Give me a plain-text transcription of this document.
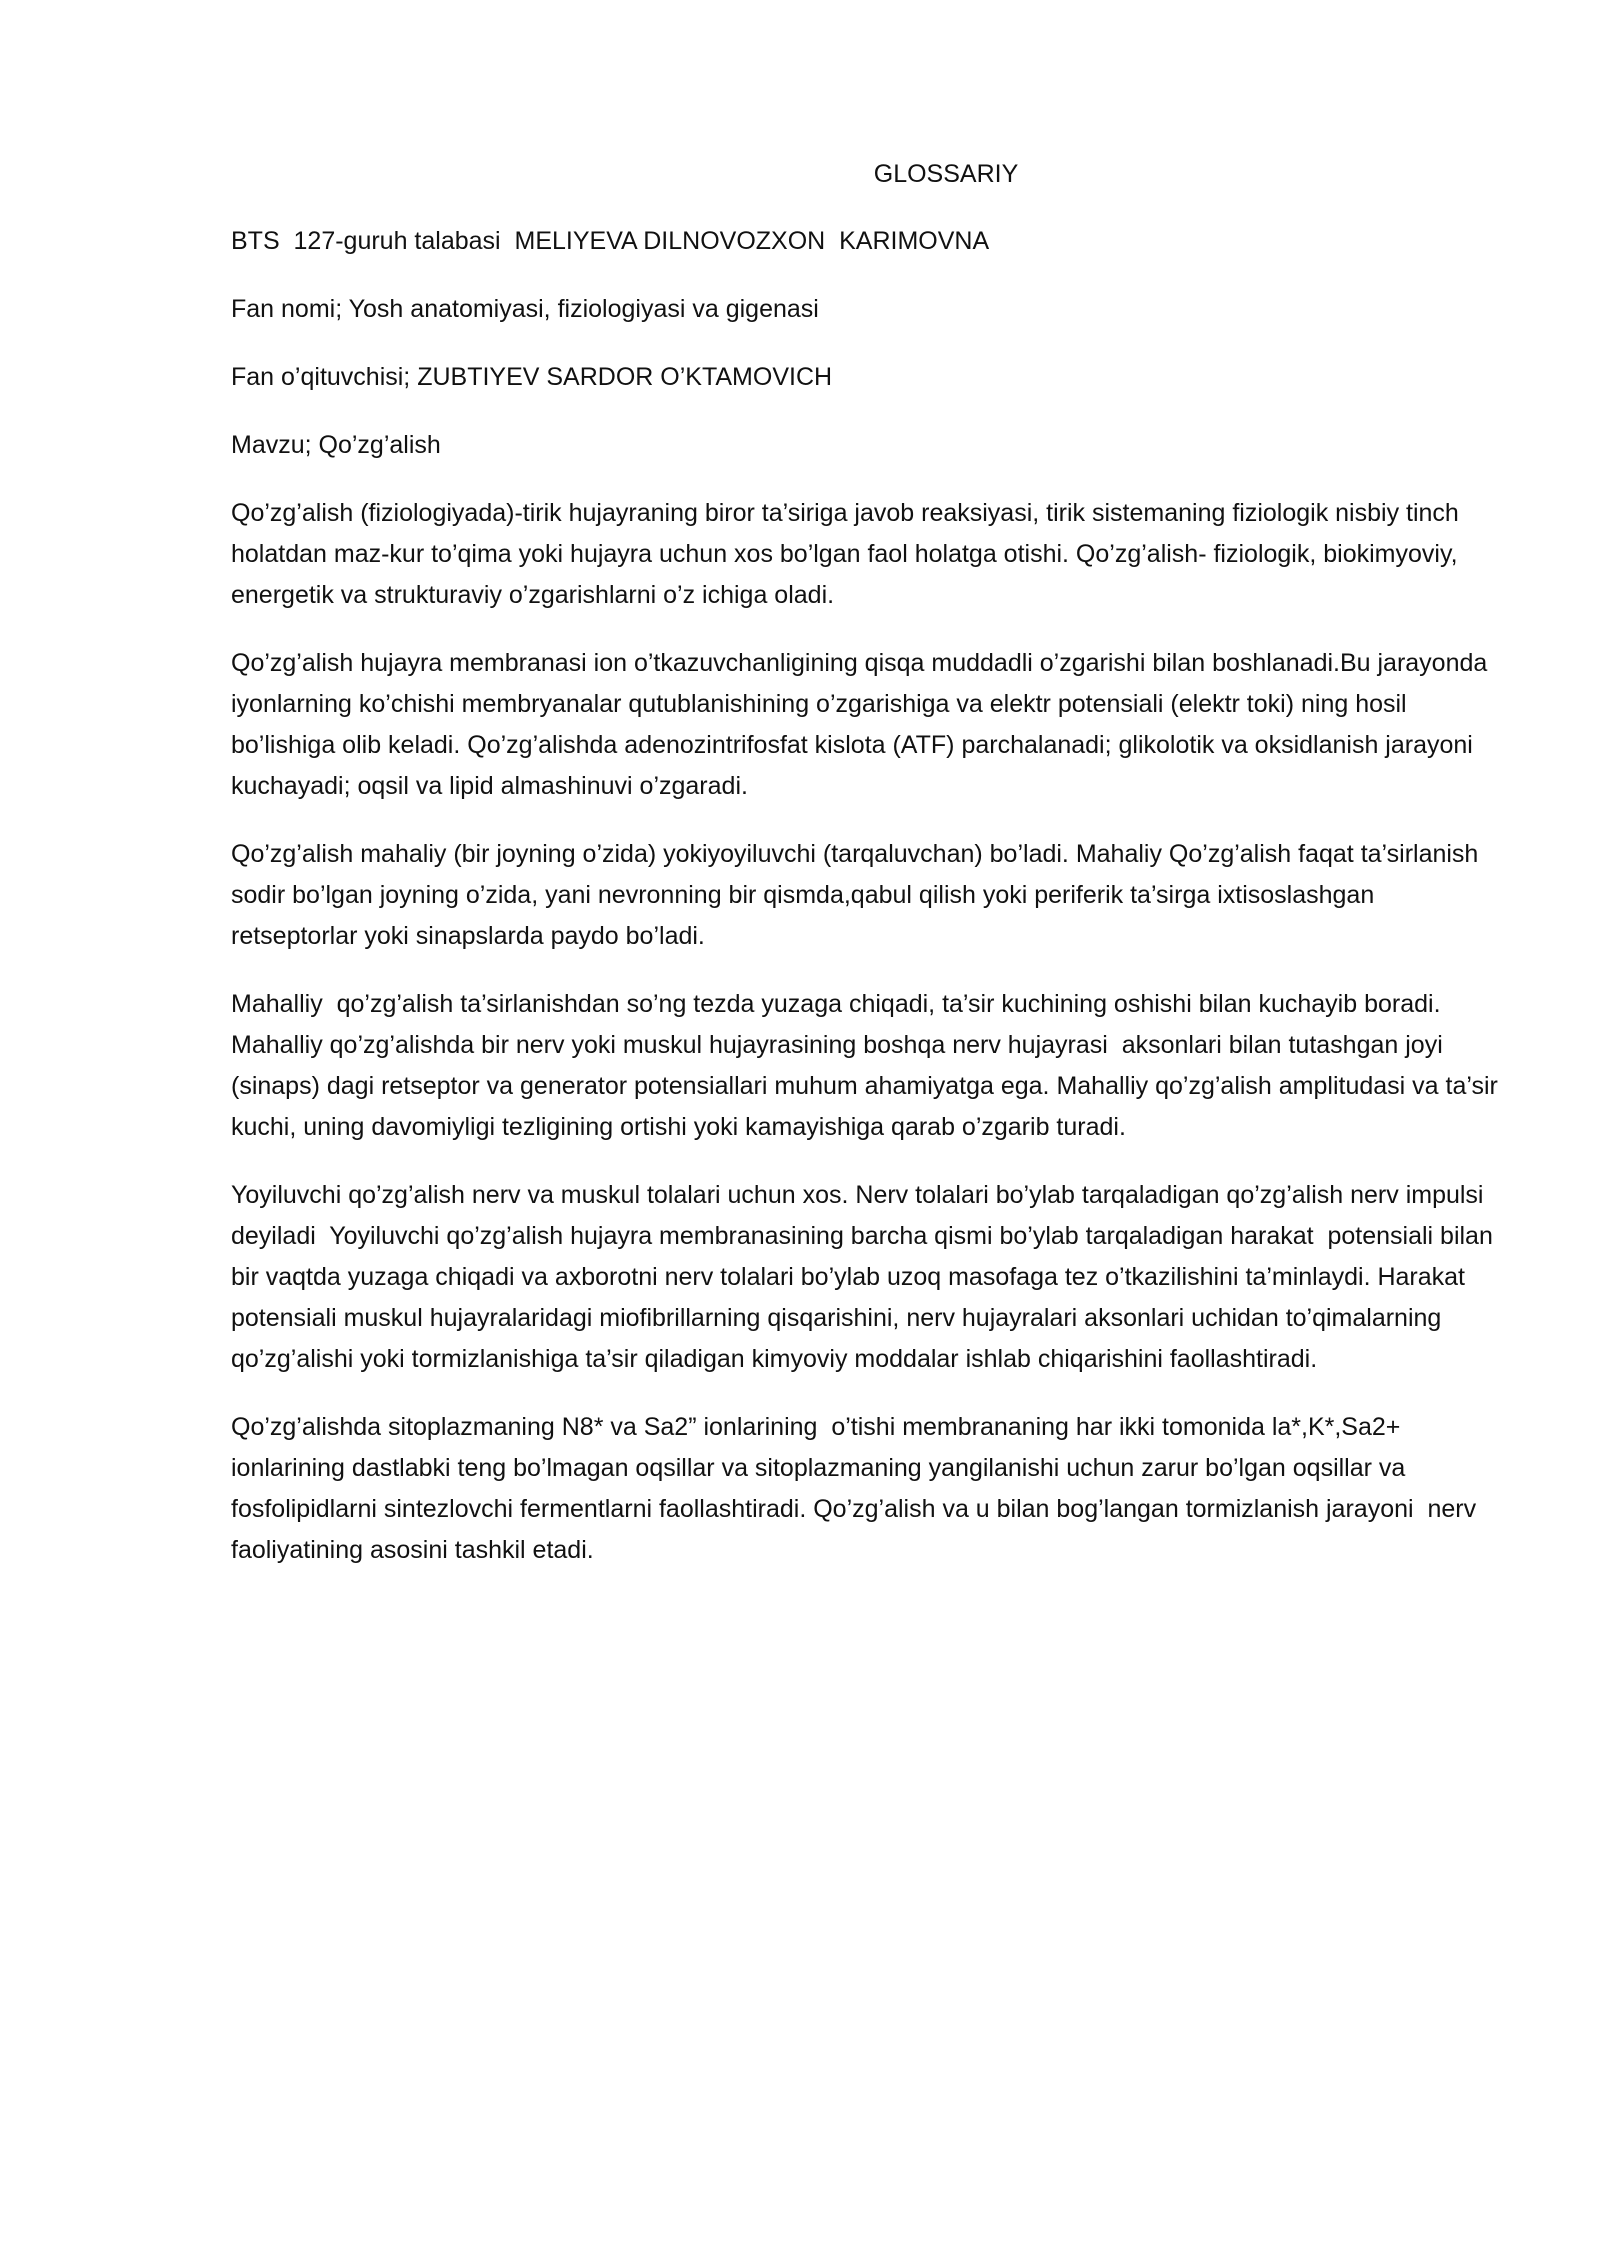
GLOSSARIY
BTS  127-guruh talabasi  MELIYEVA DILNOVOZXON  KARIMOVNA
Fan nomi; Yosh anatomiyasi, fiziologiyasi va gigenasi
Fan o’qituvchisi; ZUBTIYEV SARDOR O’KTAMOVICH
Mavzu; Qo’zg’alish

Qo’zg’alish (fiziologiyada)-tirik hujayraning biror ta’siriga javob reaksiyasi, tirik sistemaning fiziologik nisbiy tinch holatdan maz-kur to’qima yoki hujayra uchun xos bo’lgan faol holatga otishi. Qo’zg’alish- fiziologik, biokimyoviy, energetik va strukturaviy o’zgarishlarni o’z ichiga oladi.

Qo’zg’alish hujayra membranasi ion o’tkazuvchanligining qisqa muddadli o’zgarishi bilan boshlanadi.Bu jarayonda  iyonlarning ko’chishi membryanalar qutublanishining o’zgarishiga va elektr potensiali (elektr toki) ning hosil bo’lishiga olib keladi. Qo’zg’alishda adenozintrifosfat kislota (ATF) parchalanadi; glikolotik va oksidlanish jarayoni kuchayadi; oqsil va lipid almashinuvi o’zgaradi.

Qo’zg’alish mahaliy (bir joyning o’zida) yokiyoyiluvchi (tarqaluvchan) bo’ladi. Mahaliy Qo’zg’alish faqat ta’sirlanish sodir bo’lgan joyning o’zida, yani nevronning bir qismda,qabul qilish yoki periferik ta’sirga ixtisoslashgan retseptorlar yoki sinapslarda paydo bo’ladi.

Mahalliy  qo’zg’alish ta’sirlanishdan so’ng tezda yuzaga chiqadi, ta’sir kuchining oshishi bilan kuchayib boradi. Mahalliy qo’zg’alishda bir nerv yoki muskul hujayrasining boshqa nerv hujayrasi  aksonlari bilan tutashgan joyi (sinaps) dagi retseptor va generator potensiallari muhum ahamiyatga ega. Mahalliy qo’zg’alish amplitudasi va ta’sir kuchi, uning davomiyligi tezligining ortishi yoki kamayishiga qarab o’zgarib turadi.

Yoyiluvchi qo’zg’alish nerv va muskul tolalari uchun xos. Nerv tolalari bo’ylab tarqaladigan qo’zg’alish nerv impulsi deyiladi  Yoyiluvchi qo’zg’alish hujayra membranasining barcha qismi bo’ylab tarqaladigan harakat  potensiali bilan bir vaqtda yuzaga chiqadi va axborotni nerv tolalari bo’ylab uzoq masofaga tez o’tkazilishini ta’minlaydi. Harakat potensiali muskul hujayralaridagi miofibrillarning qisqarishini, nerv hujayralari aksonlari uchidan to’qimalarning qo’zg’alishi yoki tormizlanishiga ta’sir qiladigan kimyoviy moddalar ishlab chiqarishini faollashtiradi.

Qo’zg’alishda sitoplazmaning N8* va Sa2” ionlarining  o’tishi membrananing har ikki tomonida la*,K*,Sa2+ ionlarining dastlabki teng bo’lmagan oqsillar va sitoplazmaning yangilanishi uchun zarur bo’lgan oqsillar va fosfolipidlarni sintezlovchi fermentlarni faollashtiradi. Qo’zg’alish va u bilan bog’langan tormizlanish jarayoni  nerv faoliyatining asosini tashkil etadi.
